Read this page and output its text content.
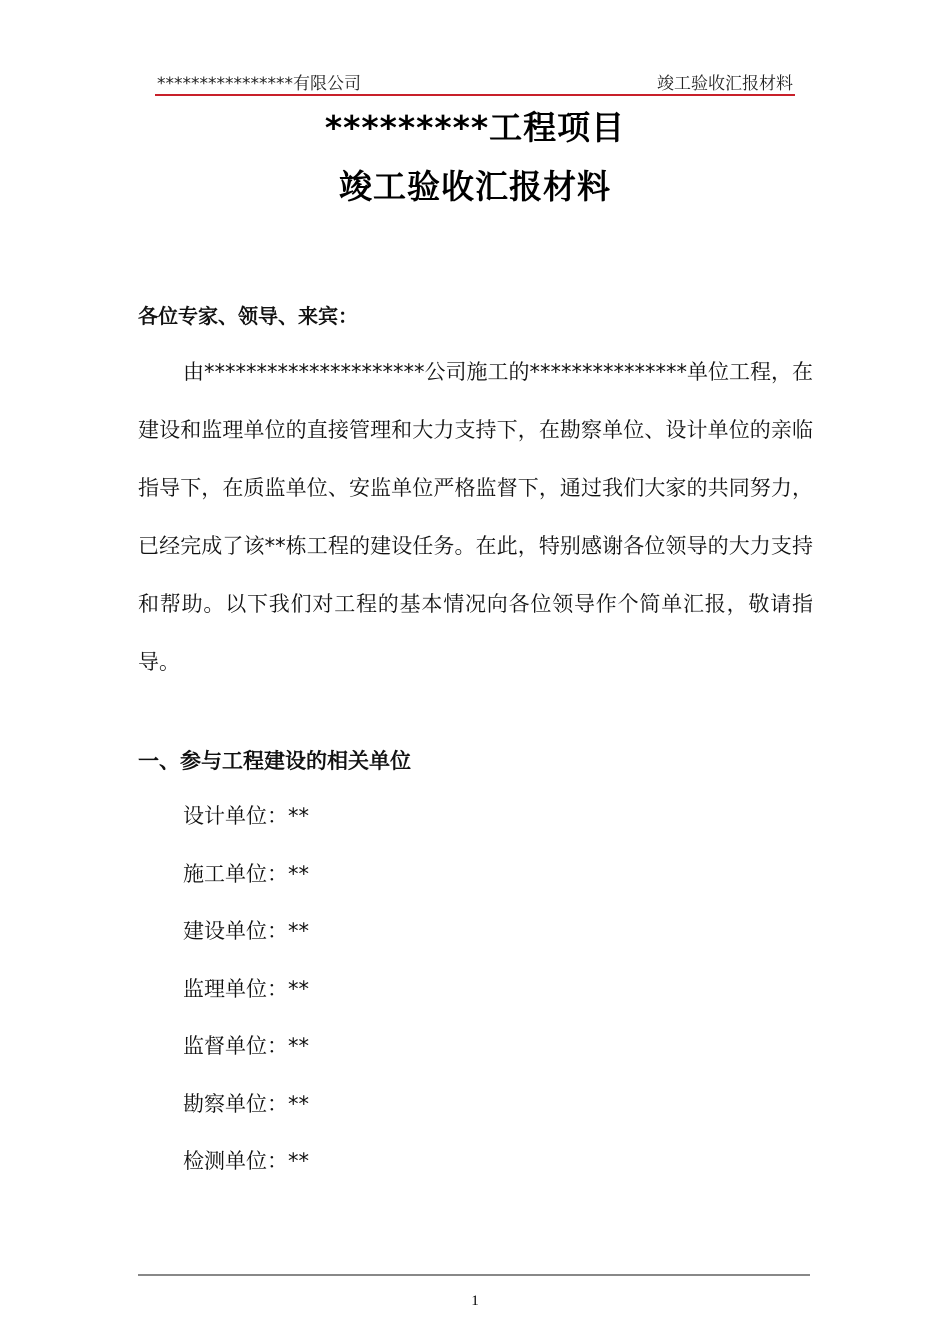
****************有限公司	竣工验收汇报材料
*********工程项目
竣工验收汇报材料
各位专家、领导、来宾：

由*********************公司施工的***************单位工程，在建设和监理单位的直接管理和大力支持下，在勘察单位、设计单位的亲临指导下，在质监单位、安监单位严格监督下，通过我们大家的共同努力，已经完成了该**栋工程的建设任务。在此，特别感谢各位领导的大力支持和帮助。以下我们对工程的基本情况向各位领导作个简单汇报，敬请指导。

一、参与工程建设的相关单位
设计单位：**
施工单位：**
建设单位：**
监理单位：**
监督单位：**
勘察单位：**
检测单位：**
1
